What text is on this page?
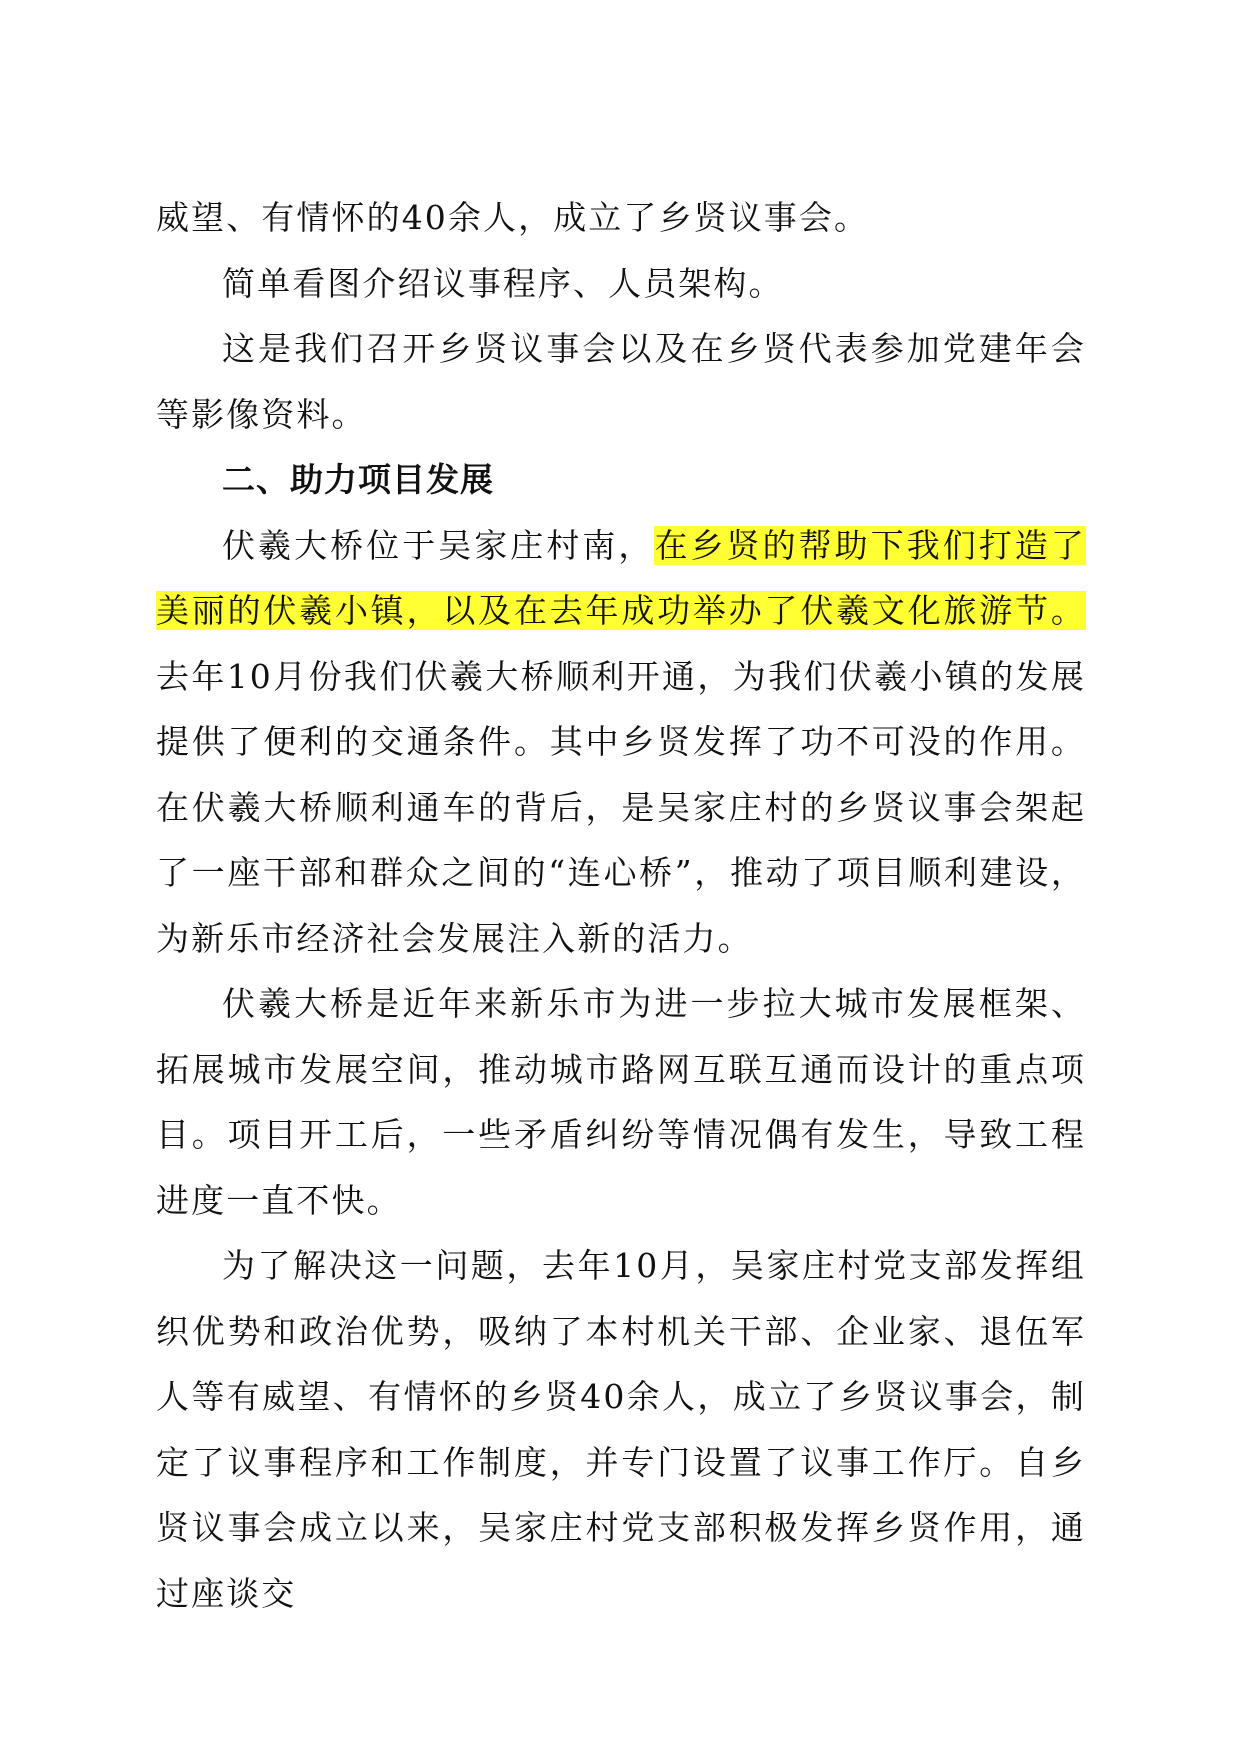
威望、有情怀的40余人，成立了乡贤议事会。

简单看图介绍议事程序、人员架构。

这是我们召开乡贤议事会以及在乡贤代表参加党建年会等影像资料。

二、助力项目发展

伏羲大桥位于吴家庄村南，在乡贤的帮助下我们打造了美丽的伏羲小镇，以及在去年成功举办了伏羲文化旅游节。去年10月份我们伏羲大桥顺利开通，为我们伏羲小镇的发展提供了便利的交通条件。其中乡贤发挥了功不可没的作用。在伏羲大桥顺利通车的背后，是吴家庄村的乡贤议事会架起了一座干部和群众之间的“连心桥”，推动了项目顺利建设，为新乐市经济社会发展注入新的活力。

伏羲大桥是近年来新乐市为进一步拉大城市发展框架、拓展城市发展空间，推动城市路网互联互通而设计的重点项目。项目开工后，一些矛盾纠纷等情况偶有发生，导致工程进度一直不快。

为了解决这一问题，去年10月，吴家庄村党支部发挥组织优势和政治优势，吸纳了本村机关干部、企业家、退伍军人等有威望、有情怀的乡贤40余人，成立了乡贤议事会，制定了议事程序和工作制度，并专门设置了议事工作厅。自乡贤议事会成立以来，吴家庄村党支部积极发挥乡贤作用，通过座谈交
